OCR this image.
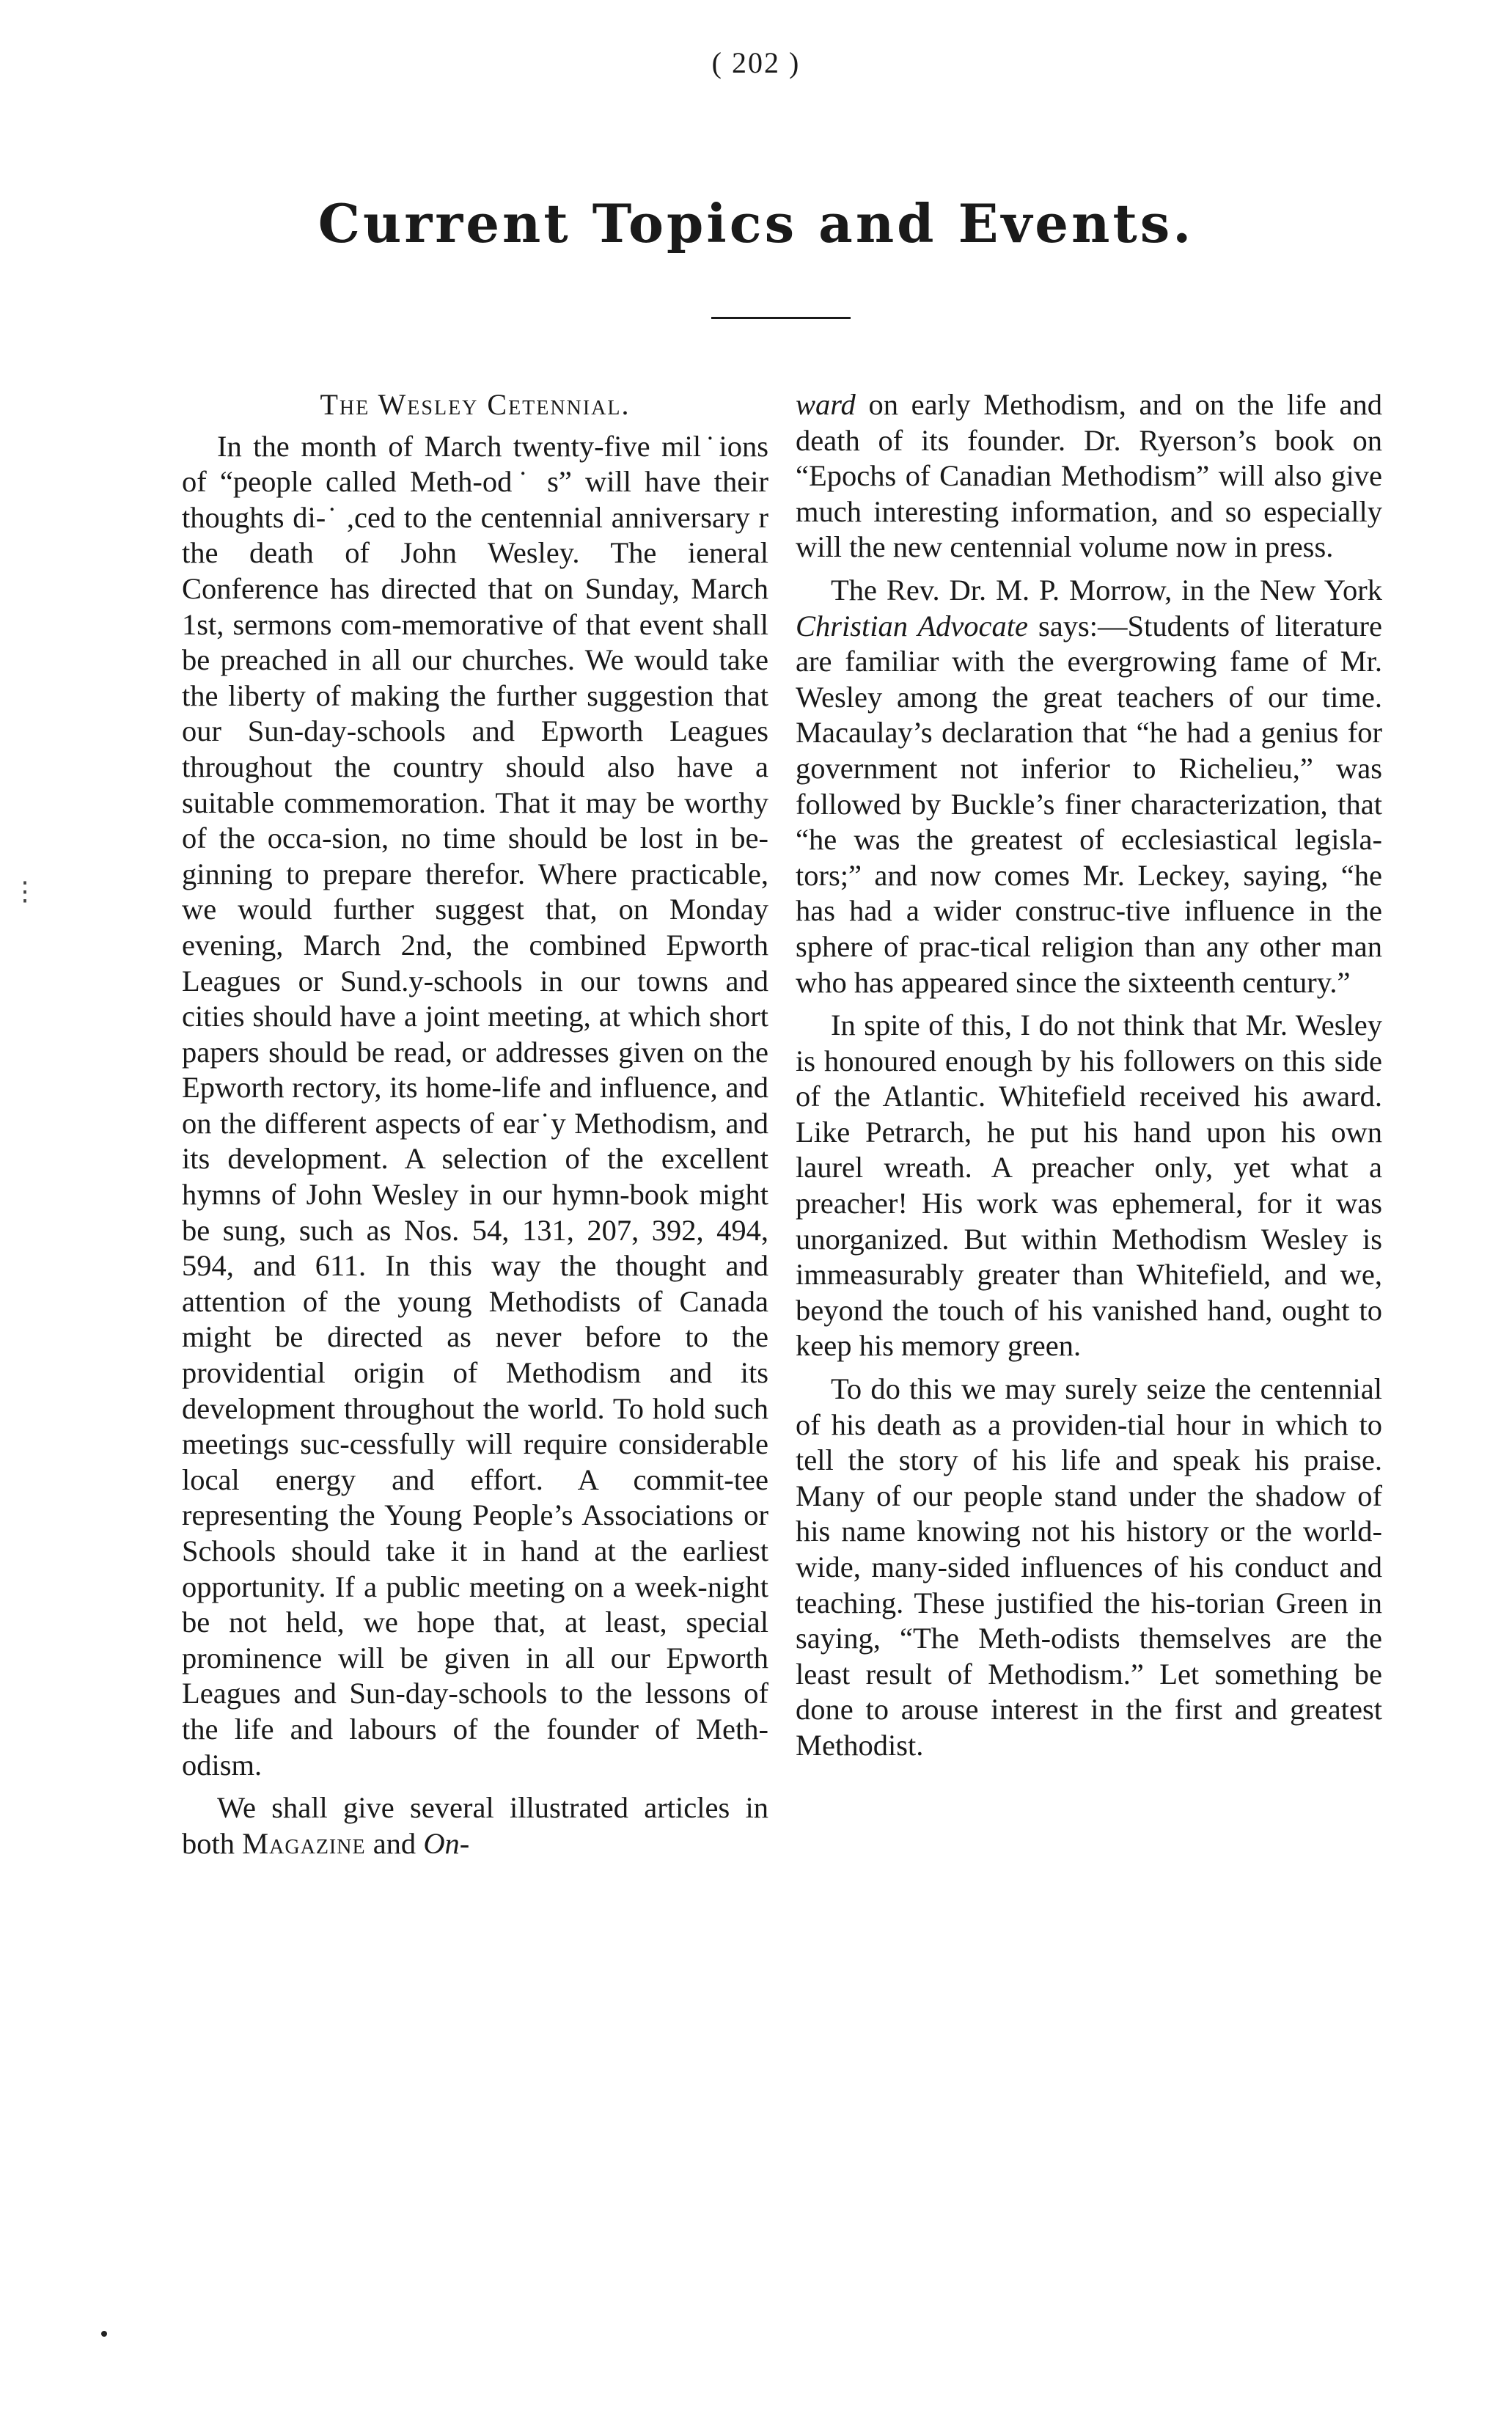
( 202 )
Current Topics and Events.
⋮
The Wesley Cetennial.

In the month of March twenty-five mil˙ions of “people called Meth-od˙ s” will have their thoughts di-˙ ,ced to the centennial anniversary r the death of John Wesley. The ieneral Conference has directed that on Sunday, March 1st, sermons com-memorative of that event shall be preached in all our churches. We would take the liberty of making the further suggestion that our Sun-day-schools and Epworth Leagues throughout the country should also have a suitable commemoration. That it may be worthy of the occa-sion, no time should be lost in be-ginning to prepare therefor. Where practicable, we would further suggest that, on Monday evening, March 2nd, the combined Epworth Leagues or Sund.y-schools in our towns and cities should have a joint meeting, at which short papers should be read, or addresses given on the Epworth rectory, its home-life and influence, and on the different aspects of ear˙y Methodism, and its development. A selection of the excellent hymns of John Wesley in our hymn-book might be sung, such as Nos. 54, 131, 207, 392, 494, 594, and 611. In this way the thought and attention of the young Methodists of Canada might be directed as never before to the providential origin of Methodism and its development throughout the world. To hold such meetings suc-cessfully will require considerable local energy and effort. A commit-tee representing the Young People’s Associations or Schools should take it in hand at the earliest opportunity. If a public meeting on a week-night be not held, we hope that, at least, special prominence will be given in all our Epworth Leagues and Sun-day-schools to the lessons of the life and labours of the founder of Meth-odism.

We shall give several illustrated articles in both Magazine and On-

ward on early Methodism, and on the life and death of its founder. Dr. Ryerson’s book on “Epochs of Canadian Methodism” will also give much interesting information, and so especially will the new centennial volume now in press.

The Rev. Dr. M. P. Morrow, in the New York Christian Advocate says:—Students of literature are familiar with the evergrowing fame of Mr. Wesley among the great teachers of our time. Macaulay’s declaration that “he had a genius for government not inferior to Richelieu,” was followed by Buckle’s finer characterization, that “he was the greatest of ecclesiastical legisla-tors;” and now comes Mr. Leckey, saying, “he has had a wider construc-tive influence in the sphere of prac-tical religion than any other man who has appeared since the sixteenth century.”

In spite of this, I do not think that Mr. Wesley is honoured enough by his followers on this side of the Atlantic. Whitefield received his award. Like Petrarch, he put his hand upon his own laurel wreath. A preacher only, yet what a preacher! His work was ephemeral, for it was unorganized. But within Methodism Wesley is immeasurably greater than Whitefield, and we, beyond the touch of his vanished hand, ought to keep his memory green.

To do this we may surely seize the centennial of his death as a providen-tial hour in which to tell the story of his life and speak his praise. Many of our people stand under the shadow of his name knowing not his history or the world-wide, many-sided influences of his conduct and teaching. These justified the his-torian Green in saying, “The Meth-odists themselves are the least result of Methodism.” Let something be done to arouse interest in the first and greatest Methodist.
